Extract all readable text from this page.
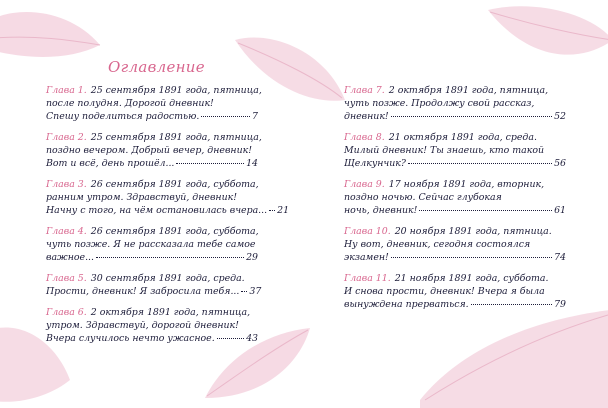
Оглавление
Глава 1. 25 сентября 1891 года, пятница,
после полудня. Дорогой дневник!
Спешу поделиться радостью.	7
Глава 2. 25 сентября 1891 года, пятница,
поздно вечером. Добрый вечер, дневник!
Вот и всё, день прошёл...	14
Глава 3. 26 сентября 1891 года, суббота,
ранним утром. Здравствуй, дневник!
Начну с того, на чём остановилась вчера... 21
Глава 4. 26 сентября 1891 года, суббота,
чуть позже. Я не рассказала тебе самое
важное...	29
Глава 5. 30 сентября 1891 года, среда.
Прости, дневник! Я забросила тебя... 37
Глава 6. 2 октября 1891 года, пятница,
утром. Здравствуй, дорогой дневник!
Вчера случилось нечто ужасное.	43
Глава 7. 2 октября 1891 года, пятница,
чуть позже. Продолжу свой рассказ,
дневник!	52
Глава 8. 21 октября 1891 года, среда.
Милый дневник! Ты знаешь, кто такой
Щелкунчик?	56
Глава 9. 17 ноября 1891 года, вторник,
поздно ночью. Сейчас глубокая
ночь, дневник!	61
Глава 10. 20 ноября 1891 года, пятница.
Ну вот, дневник, сегодня состоялся
экзамен!	74
Глава 11. 21 ноября 1891 года, суббота.
И снова прости, дневник! Вчера я была
вынуждена прерваться.	79
